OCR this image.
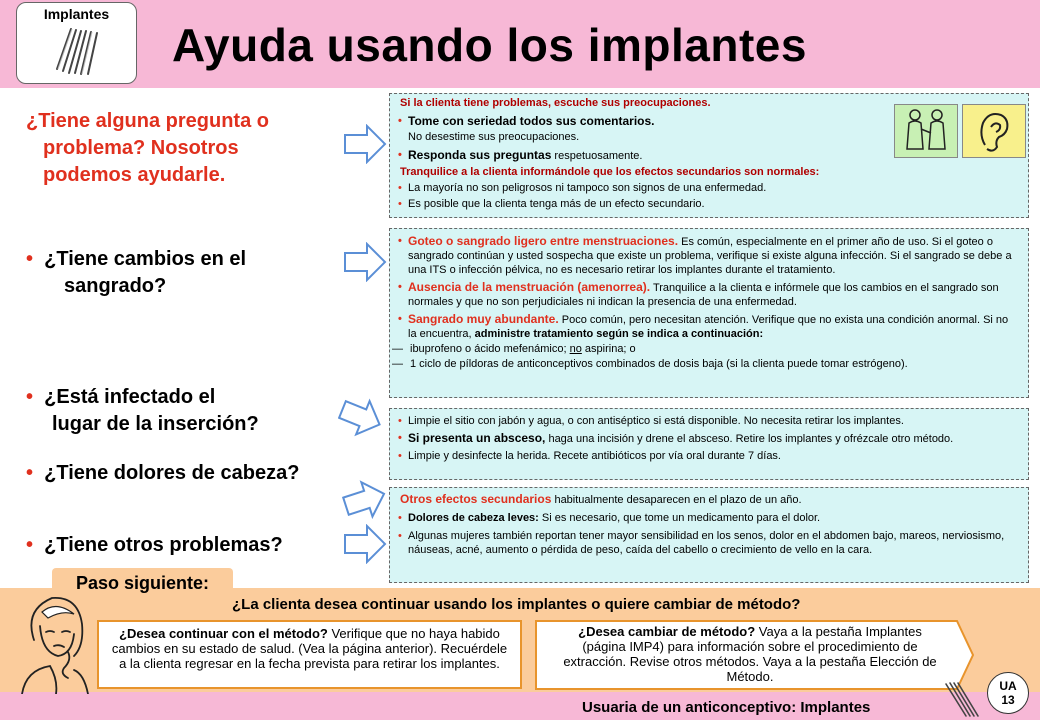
Implantes
Ayuda usando los implantes
¿Tiene alguna pregunta o
problema? Nosotros
podemos ayudarle.
• ¿Tiene cambios en el
sangrado?
• ¿Está infectado el
lugar de la inserción?
• ¿Tiene dolores de cabeza?
• ¿Tiene otros problemas?
Si la clienta tiene problemas, escuche sus preocupaciones.
• Tome con seriedad todos sus comentarios.
No desestime sus preocupaciones.
• Responda sus preguntas respetuosamente.
Tranquilice a la clienta informándole que los efectos secundarios son normales:
• La mayoría no son peligrosos ni tampoco son signos de una enfermedad.
• Es posible que la clienta tenga más de un efecto secundario.
• Goteo o sangrado ligero entre menstruaciones. Es común, especialmente en el primer año de uso. Si el goteo o sangrado continúan y usted sospecha que existe un problema, verifique si existe alguna infección. Si el sangrado se debe a una ITS o infección pélvica, no es necesario retirar los implantes durante el tratamiento.
• Ausencia de la menstruación (amenorrea). Tranquilice a la clienta e infórmele que los cambios en el sangrado son normales y que no son perjudiciales ni indican la presencia de una enfermedad.
• Sangrado muy abundante. Poco común, pero necesitan atención. Verifique que no exista una condición anormal. Si no la encuentra, administre tratamiento según se indica a continuación:
— ibuprofeno o ácido mefenámico; no aspirina; o
— 1 ciclo de píldoras de anticonceptivos combinados de dosis baja (si la clienta puede tomar estrógeno).
• Limpie el sitio con jabón y agua, o con antiséptico si está disponible. No necesita retirar los implantes.
• Si presenta un absceso, haga una incisión y drene el absceso. Retire los implantes y ofrézcale otro método.
• Limpie y desinfecte la herida. Recete antibióticos por vía oral durante 7 días.
Otros efectos secundarios habitualmente desaparecen en el plazo de un año.
• Dolores de cabeza leves: Si es necesario, que tome un medicamento para el dolor.
• Algunas mujeres también reportan tener mayor sensibilidad en los senos, dolor en el abdomen bajo, mareos, nerviosismo, náuseas, acné, aumento o pérdida de peso, caída del cabello o crecimiento de vello en la cara.
Paso siguiente:
¿La clienta desea continuar usando los implantes o quiere cambiar de método?
¿Desea continuar con el método? Verifique que no haya habido cambios en su estado de salud. (Vea la página anterior). Recuérdele a la clienta regresar en la fecha prevista para retirar los implantes.
¿Desea cambiar de método? Vaya a la pestaña Implantes (página IMP4) para información sobre el procedimiento de extracción. Revise otros métodos. Vaya a la pestaña Elección de Método.
Usuaria de un anticonceptivo: Implantes
UA
13
